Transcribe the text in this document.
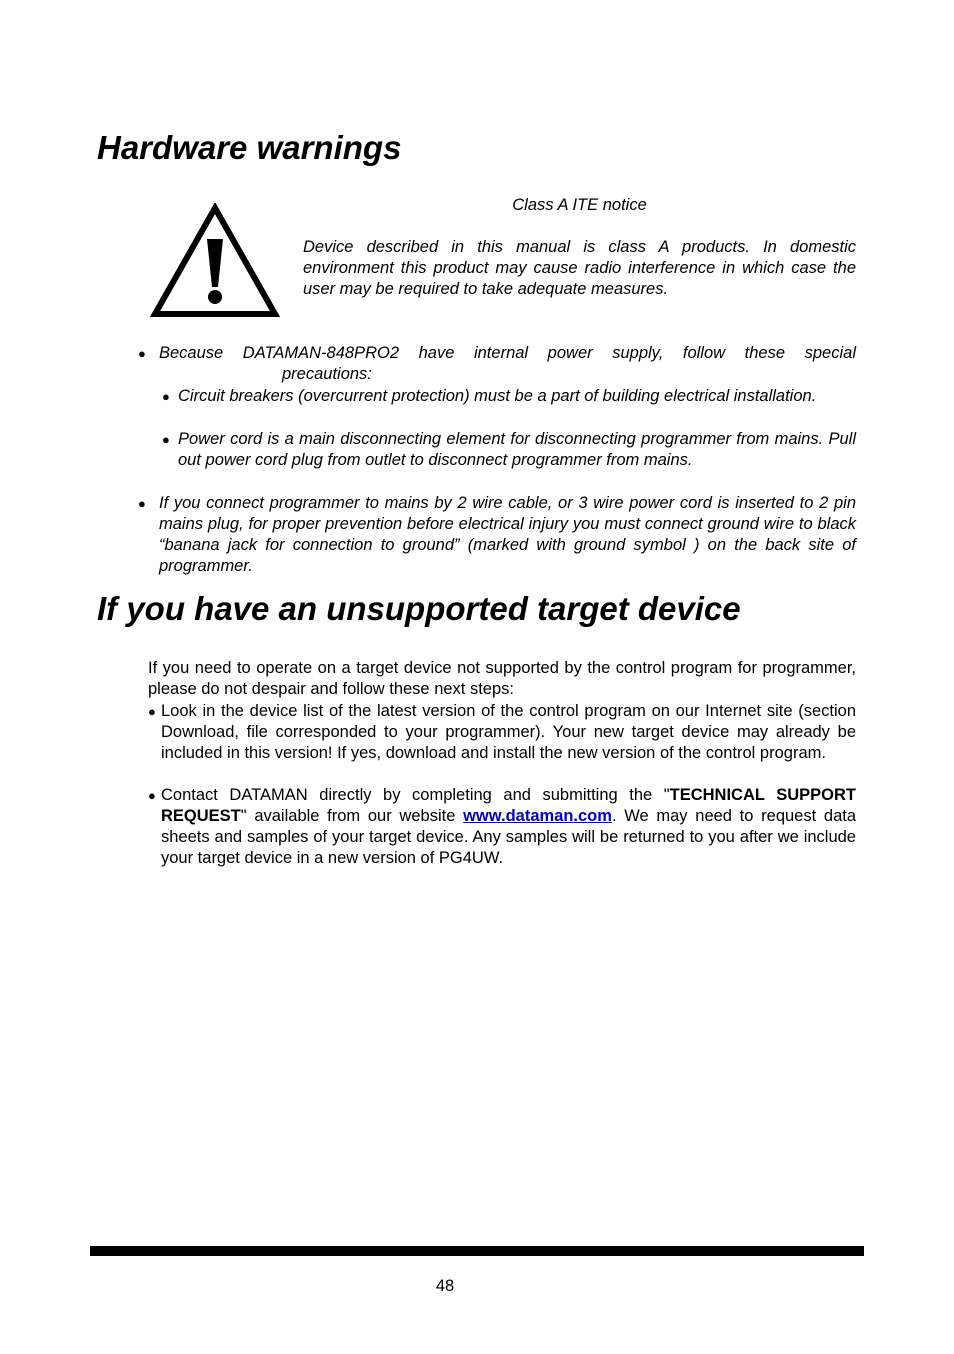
Hardware warnings
Class A ITE notice
Device described in this manual is class A products. In domestic environment this product may cause radio interference in which case the user may be required to take adequate measures.
● Because DATAMAN-848PRO2 have internal power supply, follow these special
precautions:
● Circuit breakers (overcurrent protection) must be a part of building electrical installation.
● Power cord is a main disconnecting element for disconnecting programmer from mains. Pull out power cord plug from outlet to disconnect programmer from mains.
● If you connect programmer to mains by 2 wire cable, or 3 wire power cord is inserted to 2 pin mains plug, for proper prevention before electrical injury you must connect ground wire to black “banana jack for connection to ground” (marked with ground symbol ) on the back site of programmer.
If you have an unsupported target device
If you need to operate on a target device not supported by the control program for programmer, please do not despair and follow these next steps:
● Look in the device list of the latest version of the control program on our Internet site (section Download, file corresponded to your programmer). Your new target device may already be included in this version! If yes, download and install the new version of the control program.
● Contact DATAMAN directly by completing and submitting the "TECHNICAL SUPPORT REQUEST" available from our website www.dataman.com. We may need to request data sheets and samples of your target device. Any samples will be returned to you after we include your target device in a new version of PG4UW.
48
